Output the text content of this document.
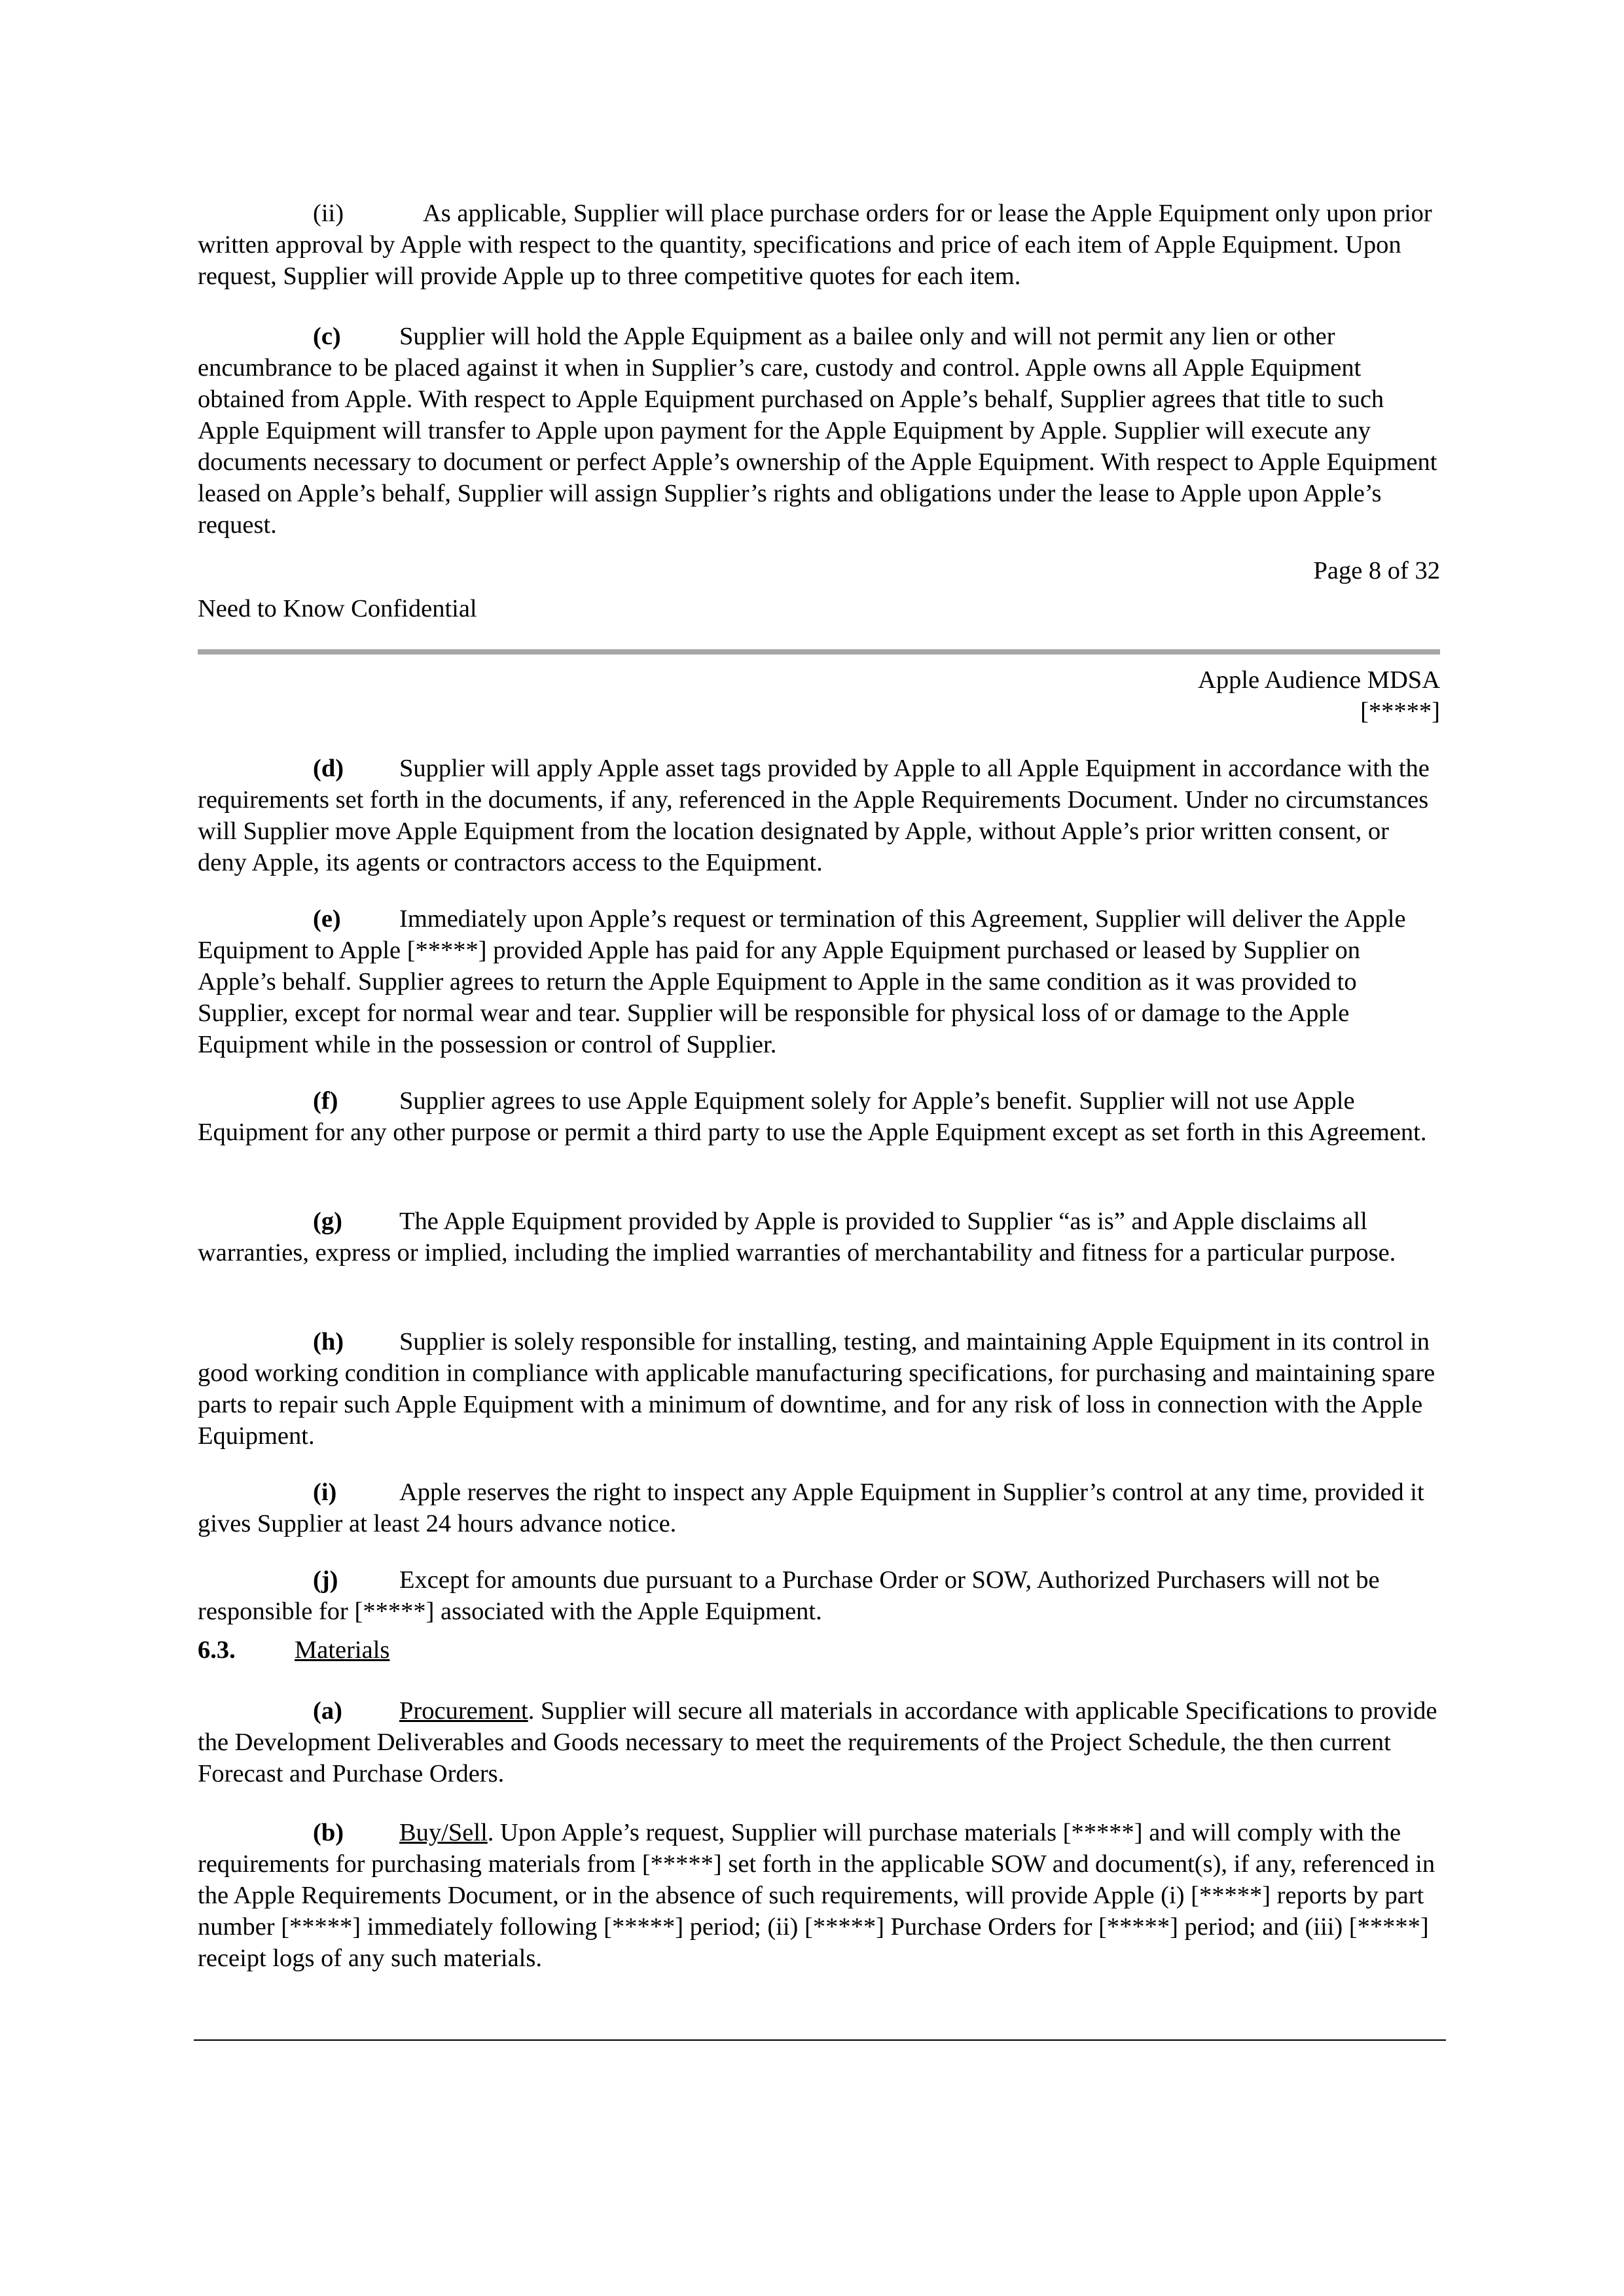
(ii)	As applicable, Supplier will place purchase orders for or lease the Apple Equipment only upon prior written approval by Apple with respect to the quantity, specifications and price of each item of Apple Equipment. Upon request, Supplier will provide Apple up to three competitive quotes for each item.

(c) Supplier will hold the Apple Equipment as a bailee only and will not permit any lien or other encumbrance to be placed against it when in Supplier’s care, custody and control. Apple owns all Apple Equipment obtained from Apple. With respect to Apple Equipment purchased on Apple’s behalf, Supplier agrees that title to such Apple Equipment will transfer to Apple upon payment for the Apple Equipment by Apple. Supplier will execute any documents necessary to document or perfect Apple’s ownership of the Apple Equipment. With respect to Apple Equipment leased on Apple’s behalf, Supplier will assign Supplier’s rights and obligations under the lease to Apple upon Apple’s request.

Page 8 of 32
Need to Know Confidential
Apple Audience MDSA
[*****]

(d) Supplier will apply Apple asset tags provided by Apple to all Apple Equipment in accordance with the requirements set forth in the documents, if any, referenced in the Apple Requirements Document. Under no circumstances will Supplier move Apple Equipment from the location designated by Apple, without Apple’s prior written consent, or deny Apple, its agents or contractors access to the Equipment.

(e) Immediately upon Apple’s request or termination of this Agreement, Supplier will deliver the Apple Equipment to Apple [*****] provided Apple has paid for any Apple Equipment purchased or leased by Supplier on Apple’s behalf. Supplier agrees to return the Apple Equipment to Apple in the same condition as it was provided to Supplier, except for normal wear and tear. Supplier will be responsible for physical loss of or damage to the Apple Equipment while in the possession or control of Supplier.

(f) Supplier agrees to use Apple Equipment solely for Apple’s benefit. Supplier will not use Apple Equipment for any other purpose or permit a third party to use the Apple Equipment except as set forth in this Agreement.

(g) The Apple Equipment provided by Apple is provided to Supplier “as is” and Apple disclaims all warranties, express or implied, including the implied warranties of merchantability and fitness for a particular purpose.

(h) Supplier is solely responsible for installing, testing, and maintaining Apple Equipment in its control in good working condition in compliance with applicable manufacturing specifications, for purchasing and maintaining spare parts to repair such Apple Equipment with a minimum of downtime, and for any risk of loss in connection with the Apple Equipment.

(i) Apple reserves the right to inspect any Apple Equipment in Supplier’s control at any time, provided it gives Supplier at least 24 hours advance notice.

(j) Except for amounts due pursuant to a Purchase Order or SOW, Authorized Purchasers will not be responsible for [*****] associated with the Apple Equipment.

6.3. Materials

(a) Procurement. Supplier will secure all materials in accordance with applicable Specifications to provide the Development Deliverables and Goods necessary to meet the requirements of the Project Schedule, the then current Forecast and Purchase Orders.

(b) Buy/Sell. Upon Apple’s request, Supplier will purchase materials [*****] and will comply with the requirements for purchasing materials from [*****] set forth in the applicable SOW and document(s), if any, referenced in the Apple Requirements Document, or in the absence of such requirements, will provide Apple (i) [*****] reports by part number [*****] immediately following [*****] period; (ii) [*****] Purchase Orders for [*****] period; and (iii) [*****] receipt logs of any such materials.
